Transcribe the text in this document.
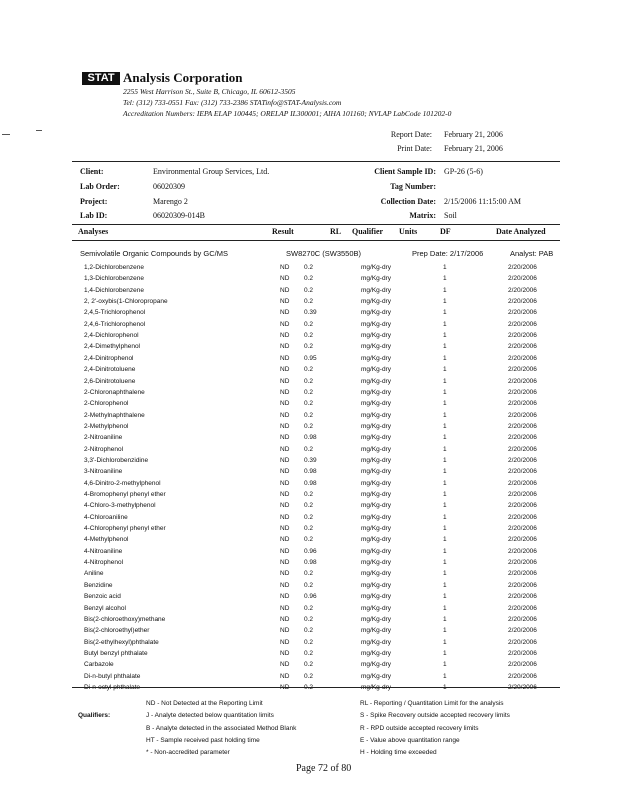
STAT Analysis Corporation
2255 West Harrison St., Suite B, Chicago, IL 60612-3505
Tel: (312) 733-0551 Fax: (312) 733-2386 STATinfo@STAT-Analysis.com
Accreditation Numbers: IEPA ELAP 100445; ORELAP IL300001; AIHA 101160; NVLAP LabCode 101202-0
Report Date: February 21, 2006
Print Date: February 21, 2006
Client:	Environmental Group Services, Ltd.	Client Sample ID: GP-26 (5-6)
Lab Order:	06020309	Tag Number:
Project:	Marengo 2	Collection Date: 2/15/2006 11:15:00 AM
Lab ID:	06020309-014B	Matrix: Soil
Analyses	Result	RL Qualifier Units	DF	Date Analyzed
Semivolatile Organic Compounds by GC/MS	SW8270C (SW3550B)	Prep Date: 2/17/2006	Analyst: PAB
1,2-Dichlorobenzene	ND 0.2	mg/Kg-dry	1	2/20/2006
1,3-Dichlorobenzene	ND 0.2	mg/Kg-dry	1	2/20/2006
1,4-Dichlorobenzene	ND 0.2	mg/Kg-dry	1	2/20/2006
2, 2'-oxybis(1-Chloropropane	ND 0.2	mg/Kg-dry	1	2/20/2006
2,4,5-Trichlorophenol	ND 0.39	mg/Kg-dry	1	2/20/2006
2,4,6-Trichlorophenol	ND 0.2	mg/Kg-dry	1	2/20/2006
2,4-Dichlorophenol	ND 0.2	mg/Kg-dry	1	2/20/2006
2,4-Dimethylphenol	ND 0.2	mg/Kg-dry	1	2/20/2006
2,4-Dinitrophenol	ND 0.95	mg/Kg-dry	1	2/20/2006
2,4-Dinitrotoluene	ND 0.2	mg/Kg-dry	1	2/20/2006
2,6-Dinitrotoluene	ND 0.2	mg/Kg-dry	1	2/20/2006
2-Chloronaphthalene	ND 0.2	mg/Kg-dry	1	2/20/2006
2-Chlorophenol	ND 0.2	mg/Kg-dry	1	2/20/2006
2-Methylnaphthalene	ND 0.2	mg/Kg-dry	1	2/20/2006
2-Methylphenol	ND 0.2	mg/Kg-dry	1	2/20/2006
2-Nitroaniline	ND 0.98	mg/Kg-dry	1	2/20/2006
2-Nitrophenol	ND 0.2	mg/Kg-dry	1	2/20/2006
3,3'-Dichlorobenzidine	ND 0.39	mg/Kg-dry	1	2/20/2006
3-Nitroaniline	ND 0.98	mg/Kg-dry	1	2/20/2006
4,6-Dinitro-2-methylphenol	ND 0.98	mg/Kg-dry	1	2/20/2006
4-Bromophenyl phenyl ether	ND 0.2	mg/Kg-dry	1	2/20/2006
4-Chloro-3-methylphenol	ND 0.2	mg/Kg-dry	1	2/20/2006
4-Chloroaniline	ND 0.2	mg/Kg-dry	1	2/20/2006
4-Chlorophenyl phenyl ether	ND 0.2	mg/Kg-dry	1	2/20/2006
4-Methylphenol	ND 0.2	mg/Kg-dry	1	2/20/2006
4-Nitroaniline	ND 0.96	mg/Kg-dry	1	2/20/2006
4-Nitrophenol	ND 0.98	mg/Kg-dry	1	2/20/2006
Aniline	ND 0.2	mg/Kg-dry	1	2/20/2006
Benzidine	ND 0.2	mg/Kg-dry	1	2/20/2006
Benzoic acid	ND 0.96	mg/Kg-dry	1	2/20/2006
Benzyl alcohol	ND 0.2	mg/Kg-dry	1	2/20/2006
Bis(2-chloroethoxy)methane	ND 0.2	mg/Kg-dry	1	2/20/2006
Bis(2-chloroethyl)ether	ND 0.2	mg/Kg-dry	1	2/20/2006
Bis(2-ethylhexyl)phthalate	ND 0.2	mg/Kg-dry	1	2/20/2006
Butyl benzyl phthalate	ND 0.2	mg/Kg-dry	1	2/20/2006
Carbazole	ND 0.2	mg/Kg-dry	1	2/20/2006
Di-n-butyl phthalate	ND 0.2	mg/Kg-dry	1	2/20/2006
Qualifiers:
ND - Not Detected at the Reporting Limit
J - Analyte detected below quantitation limits
B - Analyte detected in the associated Method Blank
HT - Sample received past holding time
* - Non-accredited parameter
RL - Reporting / Quantitation Limit for the analysis
S - Spike Recovery outside accepted recovery limits
R - RPD outside accepted recovery limits
E - Value above quantitation range
H - Holding time exceeded
Page 72 of 80
